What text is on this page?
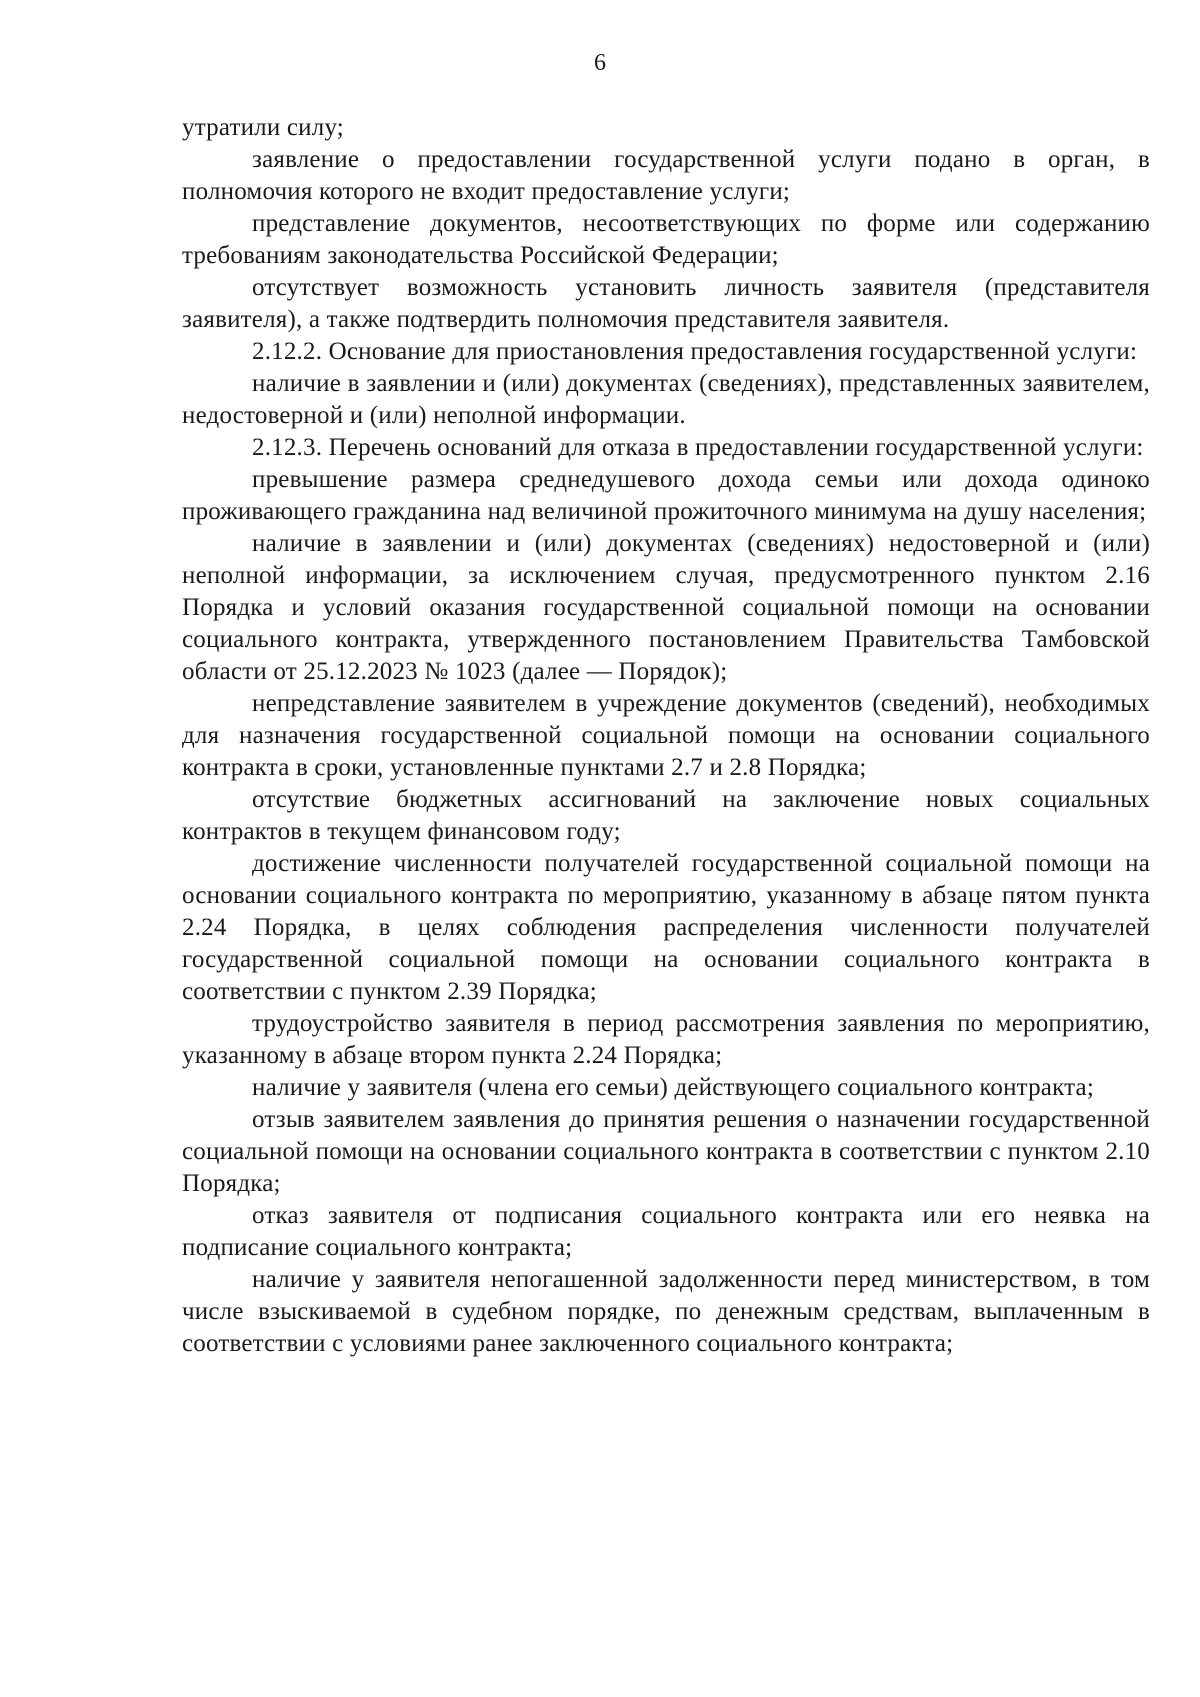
6

утратили силу;

заявление о предоставлении государственной услуги подано в орган, в полномочия которого не входит предоставление услуги;

представление документов, несоответствующих по форме или содержанию требованиям законодательства Российской Федерации;

отсутствует возможность установить личность заявителя (представителя заявителя), а также подтвердить полномочия представителя заявителя.

2.12.2. Основание для приостановления предоставления государственной услуги:

наличие в заявлении и (или) документах (сведениях), представленных заявителем, недостоверной и (или) неполной информации.

2.12.3. Перечень оснований для отказа в предоставлении государственной услуги:

превышение размера среднедушевого дохода семьи или дохода одиноко проживающего гражданина над величиной прожиточного минимума на душу населения;

наличие в заявлении и (или) документах (сведениях) недостоверной и (или) неполной информации, за исключением случая, предусмотренного пунктом 2.16 Порядка и условий оказания государственной социальной помощи на основании социального контракта, утвержденного постановлением Правительства Тамбовской области от 25.12.2023 № 1023 (далее — Порядок);

непредставление заявителем в учреждение документов (сведений), необходимых для назначения государственной социальной помощи на основании социального контракта в сроки, установленные пунктами 2.7 и 2.8 Порядка;

отсутствие бюджетных ассигнований на заключение новых социальных контрактов в текущем финансовом году;

достижение численности получателей государственной социальной помощи на основании социального контракта по мероприятию, указанному в абзаце пятом пункта 2.24 Порядка, в целях соблюдения распределения численности получателей государственной социальной помощи на основании социального контракта в соответствии с пунктом 2.39 Порядка;

трудоустройство заявителя в период рассмотрения заявления по мероприятию, указанному в абзаце втором пункта 2.24 Порядка;

наличие у заявителя (члена его семьи) действующего социального контракта;

отзыв заявителем заявления до принятия решения о назначении государственной социальной помощи на основании социального контракта в соответствии с пунктом 2.10 Порядка;

отказ заявителя от подписания социального контракта или его неявка на подписание социального контракта;

наличие у заявителя непогашенной задолженности перед министерством, в том числе взыскиваемой в судебном порядке, по денежным средствам, выплаченным в соответствии с условиями ранее заключенного социального контракта;
